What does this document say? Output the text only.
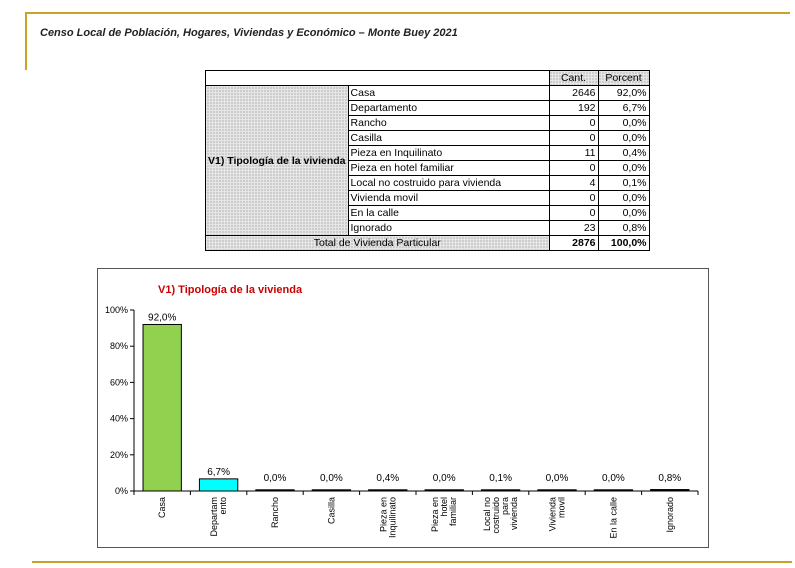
Censo Local de Población, Hogares, Viviendas y Económico – Monte Buey 2021
		Cant.	Porcent
V1) Tipología de la vivienda	Casa	2646	92,0%
	Departamento	192	6,7%
	Rancho	0	0,0%
	Casilla	0	0,0%
	Pieza en Inquilinato	11	0,4%
	Pieza en hotel familiar	0	0,0%
	Local no costruido para vivienda	4	0,1%
	Vivienda movil	0	0,0%
	En la calle	0	0,0%
	Ignorado	23	0,8%
Total de Vivienda Particular		2876	100,0%
V1) Tipología de la vivienda
0%
20%
40%
60%
80%
100%
92,0%
Casa
6,7%
Departam ento
0,0%
Rancho
0,0%
Casilla
0,4%
Pieza en Inquilinato
0,0%
Pieza en hotel familiar
0,1%
Local no costruido para vivienda
0,0%
Vivienda movil
0,0%
En la calle
0,8%
Ignorado
